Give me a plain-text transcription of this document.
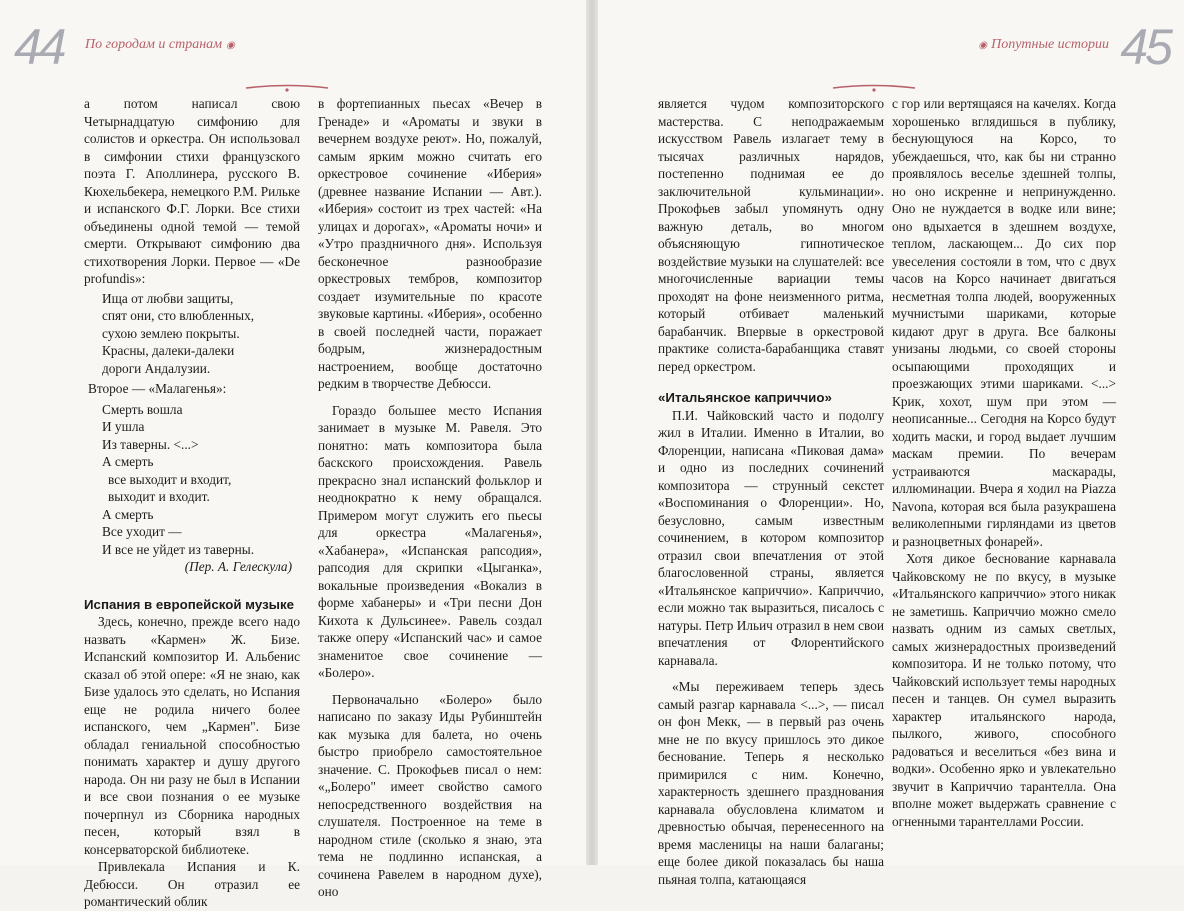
44 По городам и странам ◉

а потом написал свою Четырнадцатую симфонию для солистов и оркестра. Он использовал в симфонии стихи французского поэта Г. Аполлинера, русского В. Кюхельбекера, немецкого Р.М. Рильке и испанского Ф.Г. Лорки. Все стихи объединены одной темой — темой смерти. Открывают симфонию два стихотворения Лорки. Первое — «De profundis»:

Ища от любви защиты,
спят они, сто влюбленных,
сухою землею покрыты.
Красны, далеки-далеки
дороги Андалузии.
Второе — «Малагенья»:
Смерть вошла
И ушла
Из таверны. <...>
А смерть
все выходит и входит,
выходит и входит.
А смерть
Все уходит —
И все не уйдет из таверны.
(Пер. А. Гелескула)
Испания в европейской музыке

Здесь, конечно, прежде всего надо назвать «Кармен» Ж. Бизе. Испанский композитор И. Альбенис сказал об этой опере: «Я не знаю, как Бизе удалось это сделать, но Испания еще не родила ничего более испанского, чем „Кармен". Бизе обладал гениальной способностью понимать характер и душу другого народа. Он ни разу не был в Испании и все свои познания о ее музыке почерпнул из Сборника народных песен, который взял в консерваторской библиотеке.

Привлекала Испания и К. Дебюсси. Он отразил ее романтический облик

в фортепианных пьесах «Вечер в Гренаде» и «Ароматы и звуки в вечернем воздухе реют». Но, пожалуй, самым ярким можно считать его оркестровое сочинение «Иберия» (древнее название Испании — Авт.). «Иберия» состоит из трех частей: «На улицах и дорогах», «Ароматы ночи» и «Утро праздничного дня». Используя бесконечное разнообразие оркестровых тембров, композитор создает изумительные по красоте звуковые картины. «Иберия», особенно в своей последней части, поражает бодрым, жизнерадостным настроением, вообще достаточно редким в творчестве Дебюсси.

Гораздо большее место Испания занимает в музыке М. Равеля. Это понятно: мать композитора была баскского происхождения. Равель прекрасно знал испанский фольклор и неоднократно к нему обращался. Примером могут служить его пьесы для оркестра «Малагенья», «Хабанера», «Испанская рапсодия», рапсодия для скрипки «Цыганка», вокальные произведения «Вокализ в форме хабанеры» и «Три песни Дон Кихота к Дульсинее». Равель создал также оперу «Испанский час» и самое знаменитое свое сочинение — «Болеро».

Первоначально «Болеро» было написано по заказу Иды Рубинштейн как музыка для балета, но очень быстро приобрело самостоятельное значение. С. Прокофьев писал о нем: «„Болеро" имеет свойство самого непосредственного воздействия на слушателя. Построенное на теме в народном стиле (сколько я знаю, эта тема не подлинно испанская, а сочинена Равелем в народном духе), оно

◉ Попутные истории 45

является чудом композиторского мастерства. С неподражаемым искусством Равель излагает тему в тысячах различных нарядов, постепенно поднимая ее до заключительной кульминации». Прокофьев забыл упомянуть одну важную деталь, во многом объясняющую гипнотическое воздействие музыки на слушателей: все многочисленные вариации темы проходят на фоне неизменного ритма, который отбивает маленький барабанчик. Впервые в оркестровой практике солиста-барабанщика ставят перед оркестром.

«Итальянское каприччио»

П.И. Чайковский часто и подолгу жил в Италии. Именно в Италии, во Флоренции, написана «Пиковая дама» и одно из последних сочинений композитора — струнный секстет «Воспоминания о Флоренции». Но, безусловно, самым известным сочинением, в котором композитор отразил свои впечатления от этой благословенной страны, является «Итальянское каприччио». Каприччио, если можно так выразиться, писалось с натуры. Петр Ильич отразил в нем свои впечатления от Флорентийского карнавала.

«Мы переживаем теперь здесь самый разгар карнавала <...>, — писал он фон Мекк, — в первый раз очень мне не по вкусу пришлось это дикое беснование. Теперь я несколько примирился с ним. Конечно, характерность здешнего празднования карнавала обусловлена климатом и древностью обычая, перенесенного на время масленицы на наши балаганы; еще более дикой показалась бы наша пьяная толпа, катающаяся

с гор или вертящаяся на качелях. Когда хорошенько вглядишься в публику, беснующуюся на Корсо, то убеждаешься, что, как бы ни странно проявлялось веселье здешней толпы, но оно искренне и непринужденно. Оно не нуждается в водке или вине; оно вдыхается в здешнем воздухе, теплом, ласкающем... До сих пор увеселения состояли в том, что с двух часов на Корсо начинает двигаться несметная толпа людей, вооруженных мучнистыми шариками, которые кидают друг в друга. Все балконы унизаны людьми, со своей стороны осыпающими проходящих и проезжающих этими шариками. <...> Крик, хохот, шум при этом — неописанные... Сегодня на Корсо будут ходить маски, и город выдает лучшим маскам премии. По вечерам устраиваются маскарады, иллюминации. Вчера я ходил на Piazza Navona, которая вся была разукрашена великолепными гирляндами из цветов и разноцветных фонарей».

Хотя дикое беснование карнавала Чайковскому не по вкусу, в музыке «Итальянского каприччио» этого никак не заметишь. Каприччио можно смело назвать одним из самых светлых, самых жизнерадостных произведений композитора. И не только потому, что Чайковский использует темы народных песен и танцев. Он сумел выразить характер итальянского народа, пылкого, живого, способного радоваться и веселиться «без вина и водки». Особенно ярко и увлекательно звучит в Каприччио тарантелла. Она вполне может выдержать сравнение с огненными тарантеллами России.
